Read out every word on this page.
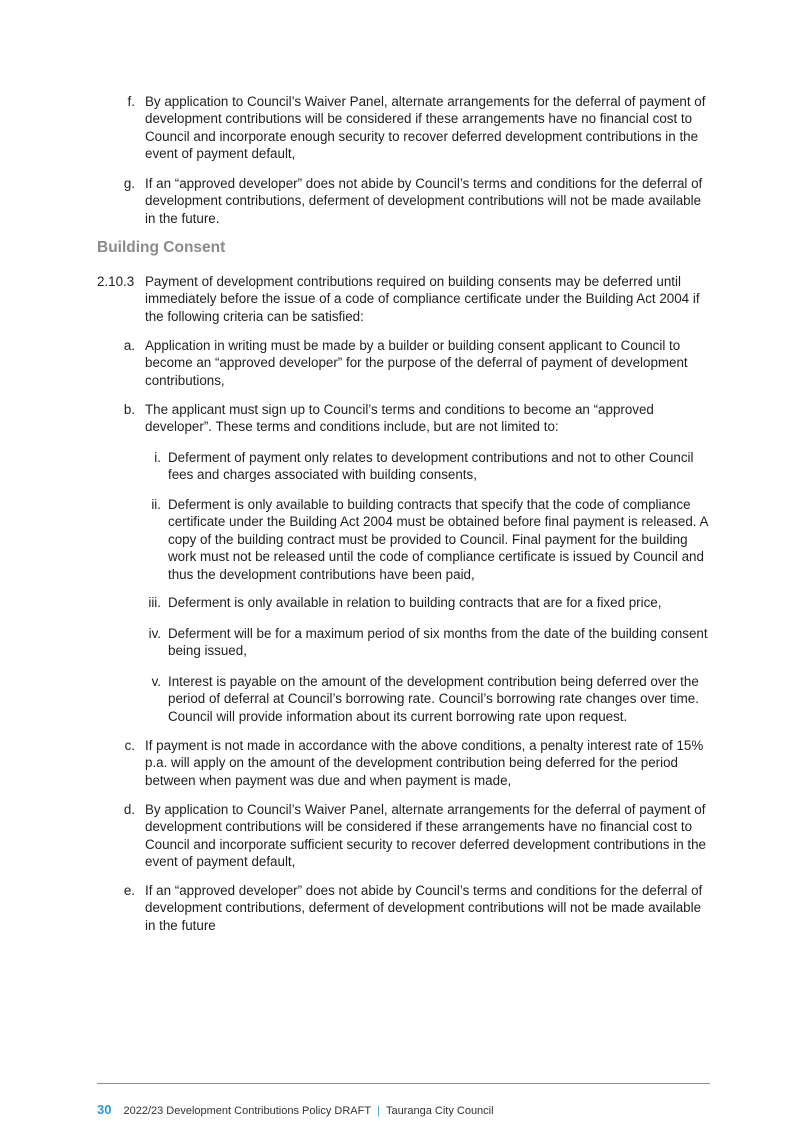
f. By application to Council’s Waiver Panel, alternate arrangements for the deferral of payment of development contributions will be considered if these arrangements have no financial cost to Council and incorporate enough security to recover deferred development contributions in the event of payment default,
g. If an “approved developer” does not abide by Council’s terms and conditions for the deferral of development contributions, deferment of development contributions will not be made available in the future.
Building Consent
2.10.3 Payment of development contributions required on building consents may be deferred until immediately before the issue of a code of compliance certificate under the Building Act 2004 if the following criteria can be satisfied:
a. Application in writing must be made by a builder or building consent applicant to Council to become an “approved developer” for the purpose of the deferral of payment of development contributions,
b. The applicant must sign up to Council’s terms and conditions to become an “approved developer”. These terms and conditions include, but are not limited to:
i. Deferment of payment only relates to development contributions and not to other Council fees and charges associated with building consents,
ii. Deferment is only available to building contracts that specify that the code of compliance certificate under the Building Act 2004 must be obtained before final payment is released. A copy of the building contract must be provided to Council. Final payment for the building work must not be released until the code of compliance certificate is issued by Council and thus the development contributions have been paid,
iii. Deferment is only available in relation to building contracts that are for a fixed price,
iv. Deferment will be for a maximum period of six months from the date of the building consent being issued,
v. Interest is payable on the amount of the development contribution being deferred over the period of deferral at Council’s borrowing rate. Council’s borrowing rate changes over time. Council will provide information about its current borrowing rate upon request.
c. If payment is not made in accordance with the above conditions, a penalty interest rate of 15% p.a. will apply on the amount of the development contribution being deferred for the period between when payment was due and when payment is made,
d. By application to Council’s Waiver Panel, alternate arrangements for the deferral of payment of development contributions will be considered if these arrangements have no financial cost to Council and incorporate sufficient security to recover deferred development contributions in the event of payment default,
e. If an “approved developer” does not abide by Council’s terms and conditions for the deferral of development contributions, deferment of development contributions will not be made available in the future
30 2022/23 Development Contributions Policy DRAFT | Tauranga City Council
